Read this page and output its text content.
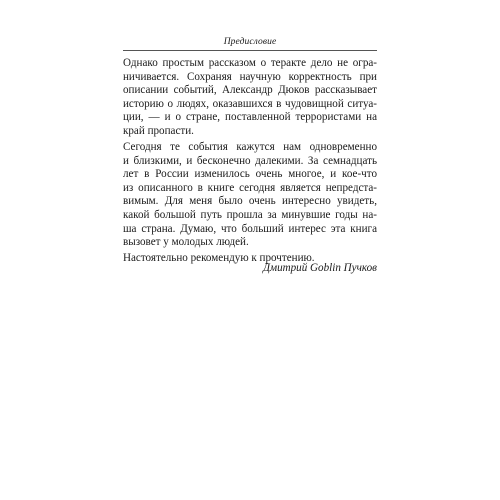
Предисловие
Однако простым рассказом о теракте дело не огра-
ничивается. Сохраняя научную корректность при
описании событий, Александр Дюков рассказывает
историю о людях, оказавшихся в чудовищной ситуа-
ции, — и о стране, поставленной террористами на
край пропасти.
Сегодня те события кажутся нам одновременно
и близкими, и бесконечно далекими. За семнадцать
лет в России изменилось очень многое, и кое-что
из описанного в книге сегодня является непредста-
вимым. Для меня было очень интересно увидеть,
какой большой путь прошла за минувшие годы на-
ша страна. Думаю, что больший интерес эта книга
вызовет у молодых людей.
Настоятельно рекомендую к прочтению.
Дмитрий Goblin Пучков
